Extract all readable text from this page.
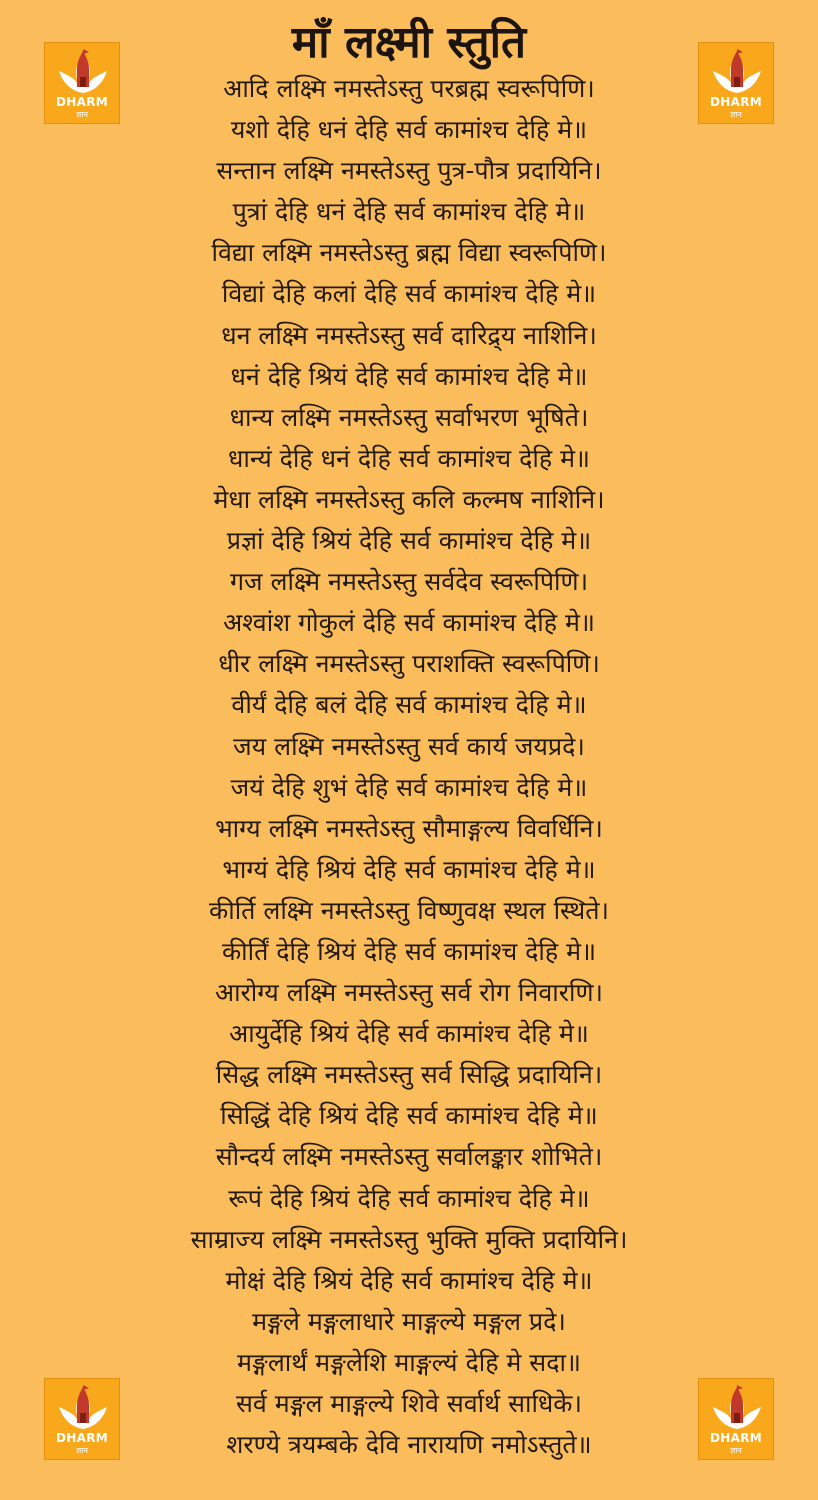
माँ लक्ष्मी स्तुति
DHARM
ज्ञान
DHARM
ज्ञान
DHARM
ज्ञान
DHARM
ज्ञान
आदि लक्ष्मि नमस्तेऽस्तु परब्रह्म स्वरूपिणि।
यशो देहि धनं देहि सर्व कामांश्च देहि मे॥
सन्तान लक्ष्मि नमस्तेऽस्तु पुत्र-पौत्र प्रदायिनि।
पुत्रां देहि धनं देहि सर्व कामांश्च देहि मे॥
विद्या लक्ष्मि नमस्तेऽस्तु ब्रह्म विद्या स्वरूपिणि।
विद्यां देहि कलां देहि सर्व कामांश्च देहि मे॥
धन लक्ष्मि नमस्तेऽस्तु सर्व दारिद्र्य नाशिनि।
धनं देहि श्रियं देहि सर्व कामांश्च देहि मे॥
धान्य लक्ष्मि नमस्तेऽस्तु सर्वाभरण भूषिते।
धान्यं देहि धनं देहि सर्व कामांश्च देहि मे॥
मेधा लक्ष्मि नमस्तेऽस्तु कलि कल्मष नाशिनि।
प्रज्ञां देहि श्रियं देहि सर्व कामांश्च देहि मे॥
गज लक्ष्मि नमस्तेऽस्तु सर्वदेव स्वरूपिणि।
अश्वांश गोकुलं देहि सर्व कामांश्च देहि मे॥
धीर लक्ष्मि नमस्तेऽस्तु पराशक्ति स्वरूपिणि।
वीर्यं देहि बलं देहि सर्व कामांश्च देहि मे॥
जय लक्ष्मि नमस्तेऽस्तु सर्व कार्य जयप्रदे।
जयं देहि शुभं देहि सर्व कामांश्च देहि मे॥
भाग्य लक्ष्मि नमस्तेऽस्तु सौमाङ्गल्य विवर्धिनि।
भाग्यं देहि श्रियं देहि सर्व कामांश्च देहि मे॥
कीर्ति लक्ष्मि नमस्तेऽस्तु विष्णुवक्ष स्थल स्थिते।
कीर्तिं देहि श्रियं देहि सर्व कामांश्च देहि मे॥
आरोग्य लक्ष्मि नमस्तेऽस्तु सर्व रोग निवारणि।
आयुर्देहि श्रियं देहि सर्व कामांश्च देहि मे॥
सिद्ध लक्ष्मि नमस्तेऽस्तु सर्व सिद्धि प्रदायिनि।
सिद्धिं देहि श्रियं देहि सर्व कामांश्च देहि मे॥
सौन्दर्य लक्ष्मि नमस्तेऽस्तु सर्वालङ्कार शोभिते।
रूपं देहि श्रियं देहि सर्व कामांश्च देहि मे॥
साम्राज्य लक्ष्मि नमस्तेऽस्तु भुक्ति मुक्ति प्रदायिनि।
मोक्षं देहि श्रियं देहि सर्व कामांश्च देहि मे॥
मङ्गले मङ्गलाधारे माङ्गल्ये मङ्गल प्रदे।
मङ्गलार्थं मङ्गलेशि माङ्गल्यं देहि मे सदा॥
सर्व मङ्गल माङ्गल्ये शिवे सर्वार्थ साधिके।
शरण्ये त्रयम्बके देवि नारायणि नमोऽस्तुते॥
